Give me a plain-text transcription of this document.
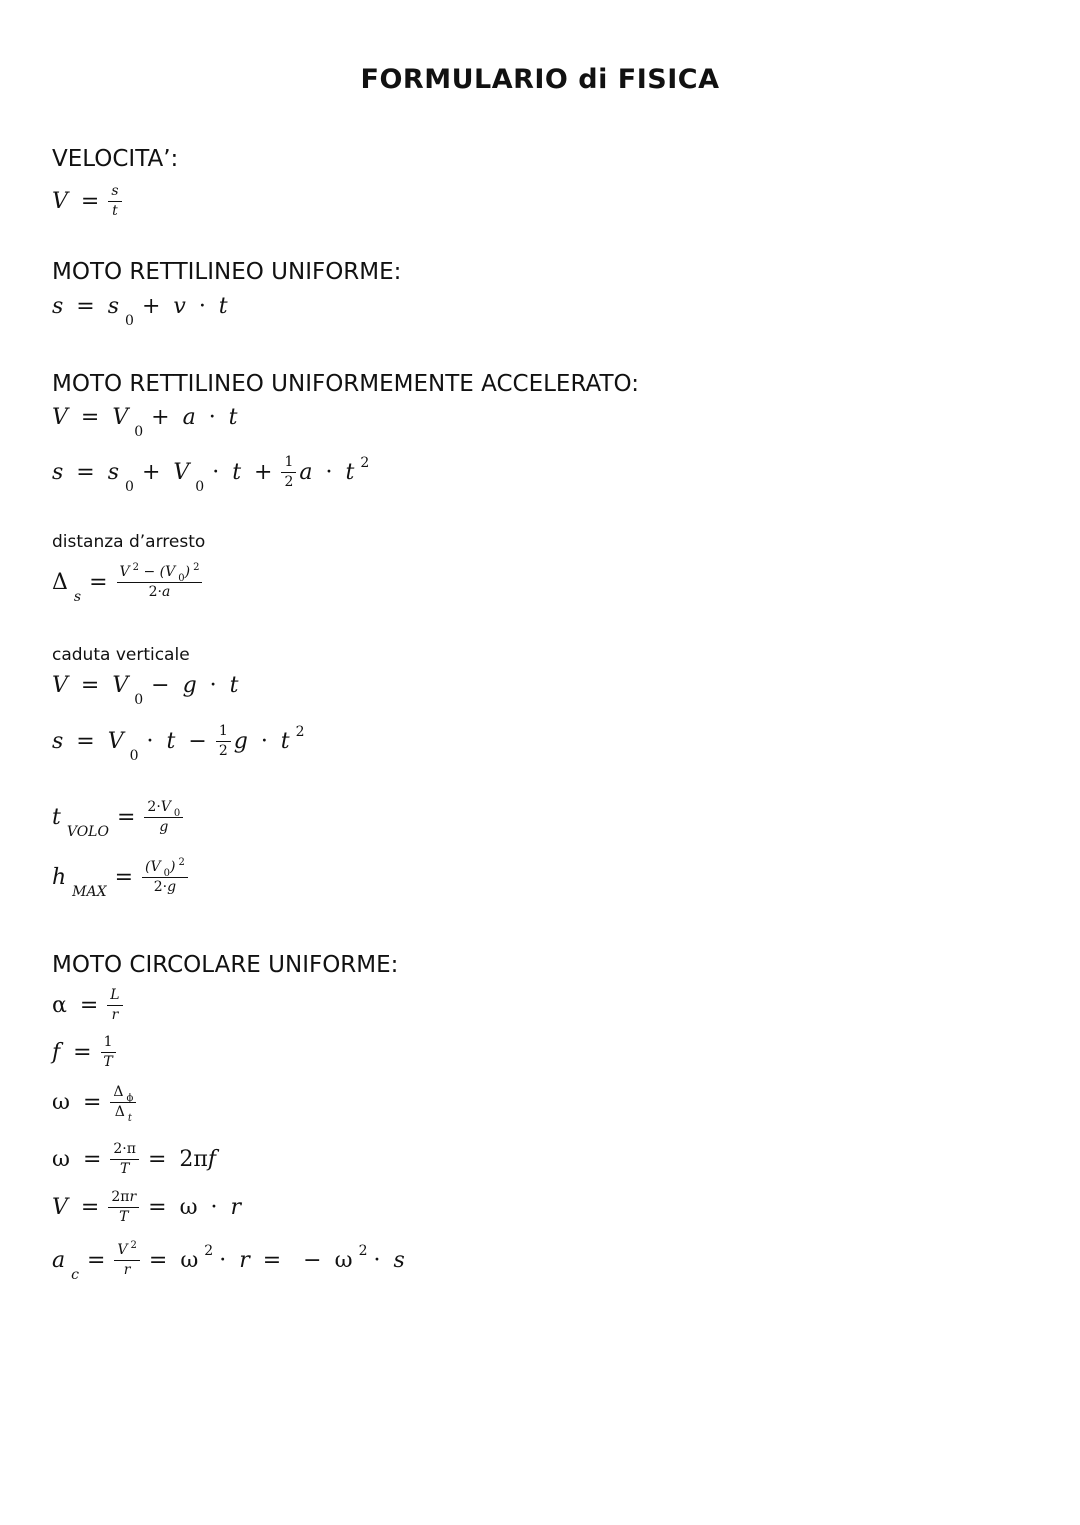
FORMULARIO di FISICA
VELOCITA’:
$V = \frac{s}{t}$
MOTO RETTILINEO UNIFORME:
$s = s_0+ v \cdot t$
MOTO RETTILINEO UNIFORMEMENTE ACCELERATO:
$V = V_0+ a \cdot t$
$s = s_0+ V_0\cdot t + \frac{1}{2}$ a · t $^2$
distanza d’arresto
$\Delta_s= \frac{V ^2 - (V _0) ^2}{2\cdot a}$
caduta verticale
$V = V_0- g \cdot t$
$s = V_0\cdot t - \frac{1}{2}$ g · t $^2$
$t_{VOLO}= \frac{2\cdot V _0}{g}$
$h_{MAX}= \frac{(V _0) ^2}{2\cdot g}$
MOTO CIRCOLARE UNIFORME:
$\alpha = \frac{L}{r}$
$f = \frac{1}{T}$
$\omega = \frac{\Delta _\phi}{\Delta _t}$
$\omega = \frac{2\cdot\pi}{T} = 2\pi f$
$V = \frac{2\pi r}{T} = \omega \cdot r$
$a_c= \frac{V ^2}{r} = \omega$ $^2$ · r = − ω $^2$ · s
